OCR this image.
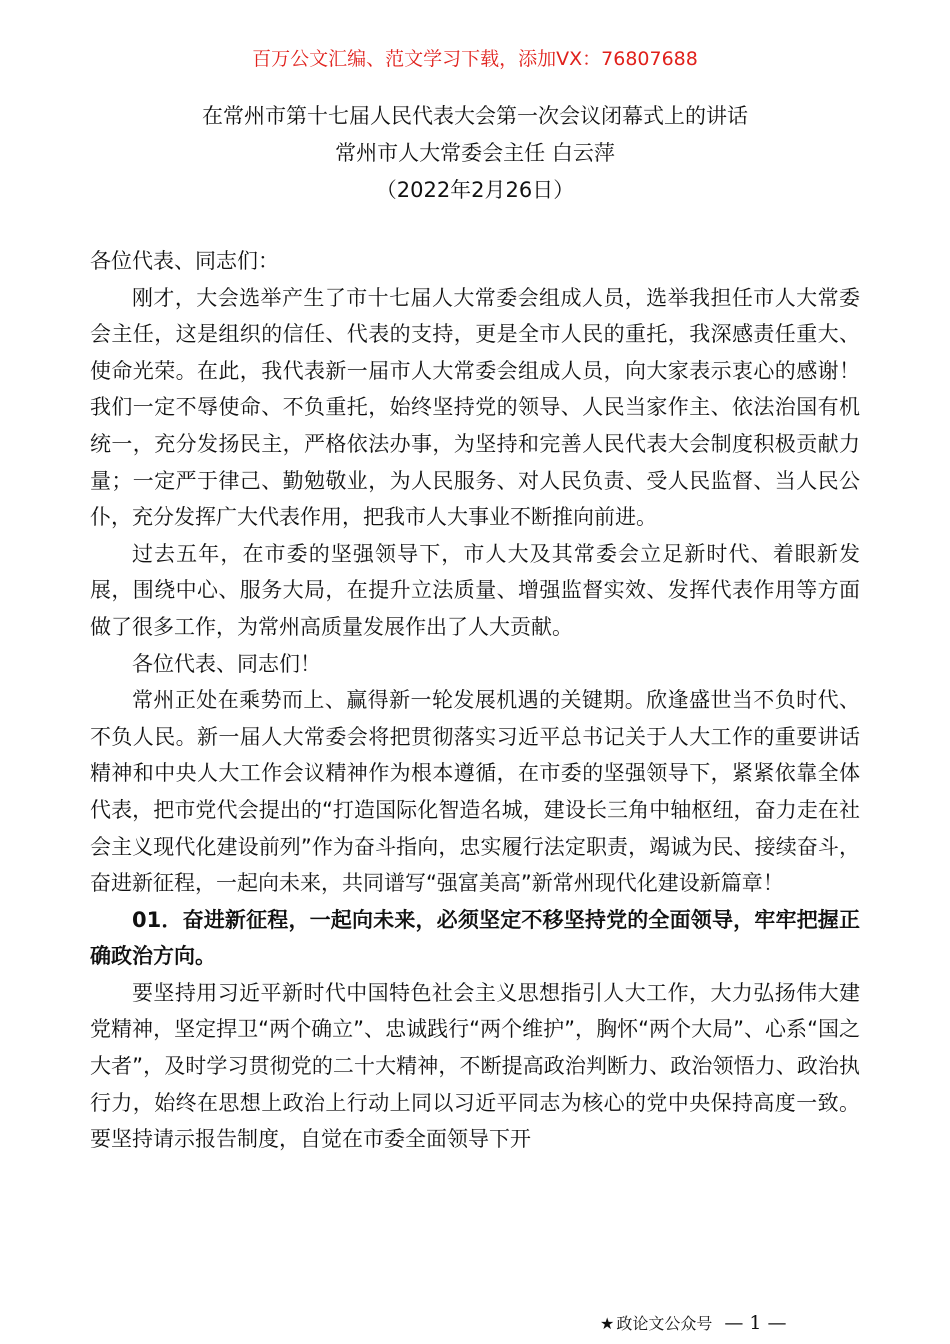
百万公文汇编、范文学习下载，添加VX：76807688
在常州市第十七届人民代表大会第一次会议闭幕式上的讲话
常州市人大常委会主任 白云萍
（2022年2月26日）

各位代表、同志们：

刚才，大会选举产生了市十七届人大常委会组成人员，选举我担任市人大常委会主任，这是组织的信任、代表的支持，更是全市人民的重托，我深感责任重大、使命光荣。在此，我代表新一届市人大常委会组成人员，向大家表示衷心的感谢！我们一定不辱使命、不负重托，始终坚持党的领导、人民当家作主、依法治国有机统一，充分发扬民主，严格依法办事，为坚持和完善人民代表大会制度积极贡献力量；一定严于律己、勤勉敬业，为人民服务、对人民负责、受人民监督、当人民公仆，充分发挥广大代表作用，把我市人大事业不断推向前进。

过去五年，在市委的坚强领导下，市人大及其常委会立足新时代、着眼新发展，围绕中心、服务大局，在提升立法质量、增强监督实效、发挥代表作用等方面做了很多工作，为常州高质量发展作出了人大贡献。

各位代表、同志们！

常州正处在乘势而上、赢得新一轮发展机遇的关键期。欣逢盛世当不负时代、不负人民。新一届人大常委会将把贯彻落实习近平总书记关于人大工作的重要讲话精神和中央人大工作会议精神作为根本遵循，在市委的坚强领导下，紧紧依靠全体代表，把市党代会提出的“打造国际化智造名城，建设长三角中轴枢纽，奋力走在社会主义现代化建设前列”作为奋斗指向，忠实履行法定职责，竭诚为民、接续奋斗，奋进新征程，一起向未来，共同谱写“强富美高”新常州现代化建设新篇章！

01．奋进新征程，一起向未来，必须坚定不移坚持党的全面领导，牢牢把握正确政治方向。

要坚持用习近平新时代中国特色社会主义思想指引人大工作，大力弘扬伟大建党精神，坚定捍卫“两个确立”、忠诚践行“两个维护”，胸怀“两个大局”、心系“国之大者”，及时学习贯彻党的二十大精神，不断提高政治判断力、政治领悟力、政治执行力，始终在思想上政治上行动上同以习近平同志为核心的党中央保持高度一致。要坚持请示报告制度，自觉在市委全面领导下开

★ 政论文公众号 — 1 —
